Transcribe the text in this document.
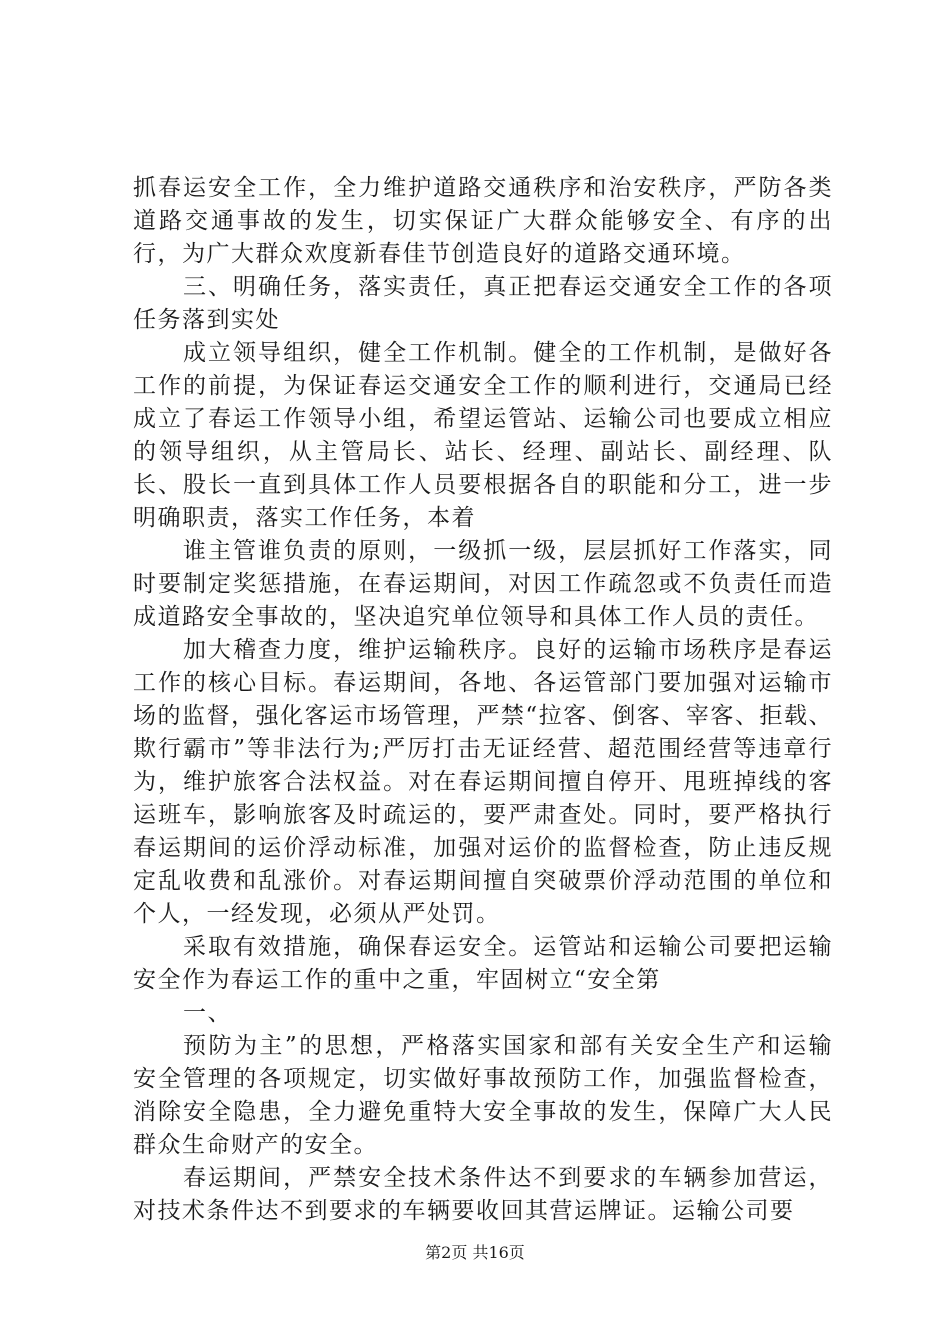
抓春运安全工作，全力维护道路交通秩序和治安秩序，严防各类道路交通事故的发生，切实保证广大群众能够安全、有序的出行，为广大群众欢度新春佳节创造良好的道路交通环境。

三、明确任务，落实责任，真正把春运交通安全工作的各项任务落到实处

成立领导组织，健全工作机制。健全的工作机制，是做好各工作的前提，为保证春运交通安全工作的顺利进行，交通局已经成立了春运工作领导小组，希望运管站、运输公司也要成立相应的领导组织，从主管局长、站长、经理、副站长、副经理、队长、股长一直到具体工作人员要根据各自的职能和分工，进一步明确职责，落实工作任务，本着

谁主管谁负责的原则，一级抓一级，层层抓好工作落实，同时要制定奖惩措施，在春运期间，对因工作疏忽或不负责任而造成道路安全事故的，坚决追究单位领导和具体工作人员的责任。

加大稽查力度，维护运输秩序。良好的运输市场秩序是春运工作的核心目标。春运期间，各地、各运管部门要加强对运输市场的监督，强化客运市场管理，严禁“拉客、倒客、宰客、拒载、欺行霸市”等非法行为;严厉打击无证经营、超范围经营等违章行为，维护旅客合法权益。对在春运期间擅自停开、甩班掉线的客运班车，影响旅客及时疏运的，要严肃查处。同时，要严格执行春运期间的运价浮动标准，加强对运价的监督检查，防止违反规定乱收费和乱涨价。对春运期间擅自突破票价浮动范围的单位和个人，一经发现，必须从严处罚。

采取有效措施，确保春运安全。运管站和运输公司要把运输安全作为春运工作的重中之重，牢固树立“安全第

一、

预防为主”的思想，严格落实国家和部有关安全生产和运输安全管理的各项规定，切实做好事故预防工作，加强监督检查，消除安全隐患，全力避免重特大安全事故的发生，保障广大人民群众生命财产的安全。

春运期间，严禁安全技术条件达不到要求的车辆参加营运，对技术条件达不到要求的车辆要收回其营运牌证。运输公司要

第2页 共16页
